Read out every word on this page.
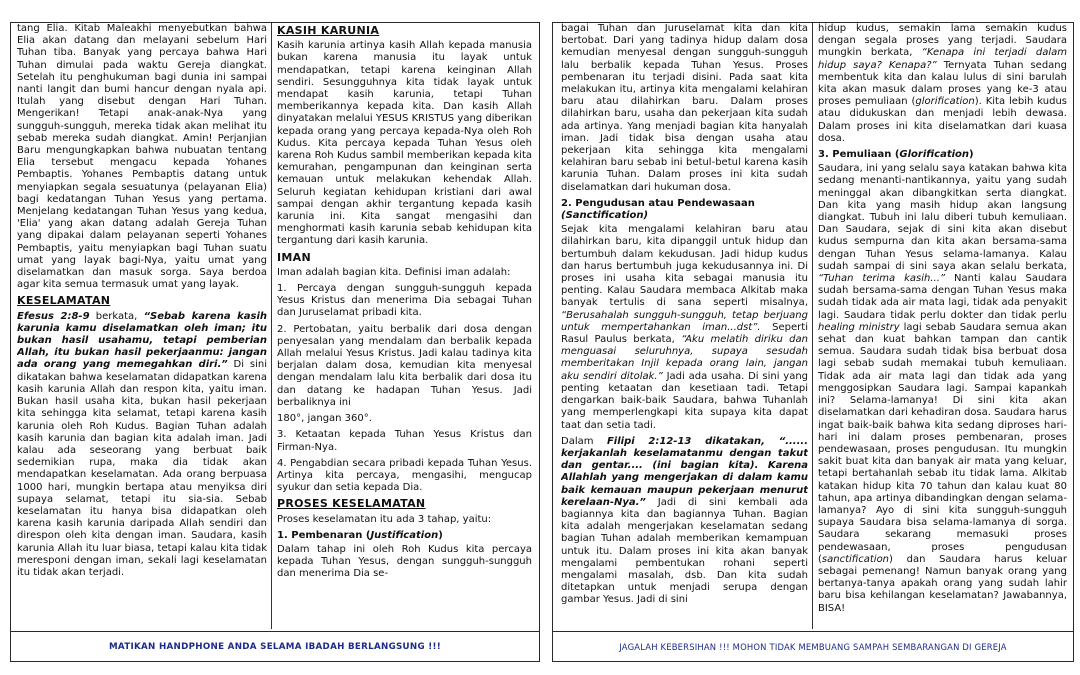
tang Elia. Kitab Maleakhi menyebutkan bahwa Elia akan datang dan melayani sebelum Hari Tuhan tiba. Banyak yang percaya bahwa Hari Tuhan dimulai pada waktu Gereja diangkat. Setelah itu penghukuman bagi dunia ini sampai nanti langit dan bumi hancur dengan nyala api. Itulah yang disebut dengan Hari Tuhan. Mengerikan! Tetapi anak-anak-Nya yang sungguh-sungguh, mereka tidak akan melihat itu sebab mereka sudah diangkat. Amin! Perjanjian Baru mengungkapkan bahwa nubuatan tentang Elia tersebut mengacu kepada Yohanes Pembaptis. Yohanes Pembaptis datang untuk menyiapkan segala sesuatunya (pelayanan Elia) bagi kedatangan Tuhan Yesus yang pertama. Menjelang kedatangan Tuhan Yesus yang kedua, 'Elia' yang akan datang adalah Gereja Tuhan yang dipakai dalam pelayanan seperti Yohanes Pembaptis, yaitu menyiapkan bagi Tuhan suatu umat yang layak bagi-Nya, yaitu umat yang diselamatkan dan masuk sorga. Saya berdoa agar kita semua termasuk umat yang layak.

KESELAMATAN

Efesus 2:8-9 berkata, “Sebab karena kasih karunia kamu diselamatkan oleh iman; itu bukan hasil usahamu, tetapi pemberian Allah, itu bukan hasil pekerjaanmu: jangan ada orang yang memegahkan diri.” Di sini dikatakan bahwa keselamatan didapatkan karena kasih karunia Allah dan respon kita, yaitu iman. Bukan hasil usaha kita, bukan hasil pekerjaan kita sehingga kita selamat, tetapi karena kasih karunia oleh Roh Kudus. Bagian Tuhan adalah kasih karunia dan bagian kita adalah iman. Jadi kalau ada seseorang yang berbuat baik sedemikian rupa, maka dia tidak akan mendapatkan keselamatan. Ada orang berpuasa 1000 hari, mungkin bertapa atau menyiksa diri supaya selamat, tetapi itu sia-sia. Sebab keselamatan itu hanya bisa didapatkan oleh karena kasih karunia daripada Allah sendiri dan direspon oleh kita dengan iman. Saudara, kasih karunia Allah itu luar biasa, tetapi kalau kita tidak meresponi dengan iman, sekali lagi keselamatan itu tidak akan terjadi.

KASIH KARUNIA

Kasih karunia artinya kasih Allah kepada manusia bukan karena manusia itu layak untuk mendapatkan, tetapi karena keinginan Allah sendiri. Sesungguhnya kita tidak layak untuk mendapat kasih karunia, tetapi Tuhan memberikannya kepada kita. Dan kasih Allah dinyatakan melalui YESUS KRISTUS yang diberikan kepada orang yang percaya kepada-Nya oleh Roh Kudus. Kita percaya kepada Tuhan Yesus oleh karena Roh Kudus sambil memberikan kepada kita kemurahan, pengampunan dan keinginan serta kemauan untuk melakukan kehendak Allah. Seluruh kegiatan kehidupan kristiani dari awal sampai dengan akhir tergantung kepada kasih karunia ini. Kita sangat mengasihi dan menghormati kasih karunia sebab kehidupan kita tergantung dari kasih karunia.

IMAN

Iman adalah bagian kita. Definisi iman adalah:

1. Percaya dengan sungguh-sungguh kepada Yesus Kristus dan menerima Dia sebagai Tuhan dan Juruselamat pribadi kita.

2. Pertobatan, yaitu berbalik dari dosa dengan penyesalan yang mendalam dan berbalik kepada Allah melalui Yesus Kristus. Jadi kalau tadinya kita berjalan dalam dosa, kemudian kita menyesal dengan mendalam lalu kita berbalik dari dosa itu dan datang ke hadapan Tuhan Yesus. Jadi berbaliknya ini

180°, jangan 360°.

3. Ketaatan kepada Tuhan Yesus Kristus dan Firman-Nya.

4. Pengabdian secara pribadi kepada Tuhan Yesus. Artinya kita percaya, mengasihi, mengucap syukur dan setia kepada Dia.

PROSES KESELAMATAN

Proses keselamatan itu ada 3 tahap, yaitu:

1. Pembenaran (Justification)

Dalam tahap ini oleh Roh Kudus kita percaya kepada Tuhan Yesus, dengan sungguh-sungguh dan menerima Dia se-

MATIKAN HANDPHONE ANDA SELAMA IBADAH BERLANGSUNG !!!

bagai Tuhan dan Juruselamat kita dan kita bertobat. Dari yang tadinya hidup dalam dosa kemudian menyesal dengan sungguh-sungguh lalu berbalik kepada Tuhan Yesus. Proses pembenaran itu terjadi disini. Pada saat kita melakukan itu, artinya kita mengalami kelahiran baru atau dilahirkan baru. Dalam proses dilahirkan baru, usaha dan pekerjaan kita sudah ada artinya. Yang menjadi bagian kita hanyalah iman. Jadi tidak bisa dengan usaha atau pekerjaan kita sehingga kita mengalami kelahiran baru sebab ini betul-betul karena kasih karunia Tuhan. Dalam proses ini kita sudah diselamatkan dari hukuman dosa.

2. Pengudusan atau Pendewasaan
(Sanctification)

Sejak kita mengalami kelahiran baru atau dilahirkan baru, kita dipanggil untuk hidup dan bertumbuh dalam kekudusan. Jadi hidup kudus dan harus bertumbuh juga kekudusannya ini. Di proses ini usaha kita sebagai manusia itu penting. Kalau Saudara membaca Alkitab maka banyak tertulis di sana seperti misalnya, “Berusahalah sungguh-sungguh, tetap berjuang untuk mempertahankan iman...dst”. Seperti Rasul Paulus berkata, “Aku melatih diriku dan menguasai seluruhnya, supaya sesudah memberitakan Injil kepada orang lain, jangan aku sendiri ditolak.” Jadi ada usaha. Di sini yang penting ketaatan dan kesetiaan tadi. Tetapi dengarkan baik-baik Saudara, bahwa Tuhanlah yang memperlengkapi kita supaya kita dapat taat dan setia tadi.

Dalam Filipi 2:12-13 dikatakan, “...... kerjakanlah keselamatanmu dengan takut dan gentar.... (ini bagian kita). Karena Allahlah yang mengerjakan di dalam kamu baik kemauan maupun pekerjaan menurut kerelaan-Nya.” Jadi di sini kembali ada bagiannya kita dan bagiannya Tuhan. Bagian kita adalah mengerjakan keselamatan sedang bagian Tuhan adalah memberikan kemampuan untuk itu. Dalam proses ini kita akan banyak mengalami pembentukan rohani seperti mengalami masalah, dsb. Dan kita sudah ditetapkan untuk menjadi serupa dengan gambar Yesus. Jadi di sini

hidup kudus, semakin lama semakin kudus dengan segala proses yang terjadi. Saudara mungkin berkata, “Kenapa ini terjadi dalam hidup saya? Kenapa?” Ternyata Tuhan sedang membentuk kita dan kalau lulus di sini barulah kita akan masuk dalam proses yang ke-3 atau proses pemuliaan (glorification). Kita lebih kudus atau didukuskan dan menjadi lebih dewasa. Dalam proses ini kita diselamatkan dari kuasa dosa.

3. Pemuliaan (Glorification)

Saudara, ini yang selalu saya katakan bahwa kita sedang menanti-nantikannya, yaitu yang sudah meninggal akan dibangkitkan serta diangkat. Dan kita yang masih hidup akan langsung diangkat. Tubuh ini lalu diberi tubuh kemuliaan. Dan Saudara, sejak di sini kita akan disebut kudus sempurna dan kita akan bersama-sama dengan Tuhan Yesus selama-lamanya. Kalau sudah sampai di sini saya akan selalu berkata, “Tuhan terima kasih...” Nanti kalau Saudara sudah bersama-sama dengan Tuhan Yesus maka sudah tidak ada air mata lagi, tidak ada penyakit lagi. Saudara tidak perlu dokter dan tidak perlu healing ministry lagi sebab Saudara semua akan sehat dan kuat bahkan tampan dan cantik semua. Saudara sudah tidak bisa berbuat dosa lagi sebab sudah memakai tubuh kemuliaan. Tidak ada air mata lagi dan tidak ada yang menggosipkan Saudara lagi. Sampai kapankah ini? Selama-lamanya! Di sini kita akan diselamatkan dari kehadiran dosa. Saudara harus ingat baik-baik bahwa kita sedang diproses hari-hari ini dalam proses pembenaran, proses pendewasaan, proses pengudusan. Itu mungkin sakit buat kita dan banyak air mata yang keluar, tetapi bertahanlah sebab itu tidak lama. Alkitab katakan hidup kita 70 tahun dan kalau kuat 80 tahun, apa artinya dibandingkan dengan selama-lamanya? Ayo di sini kita sungguh-sungguh supaya Saudara bisa selama-lamanya di sorga. Saudara sekarang memasuki proses pendewasaan, proses pengudusan (sanctification) dan Saudara harus keluar sebagai pemenang! Namun banyak orang yang bertanya-tanya apakah orang yang sudah lahir baru bisa kehilangan keselamatan? Jawabannya, BISA!

JAGALAH KEBERSIHAN !!! MOHON TIDAK MEMBUANG SAMPAH SEMBARANGAN DI GEREJA
